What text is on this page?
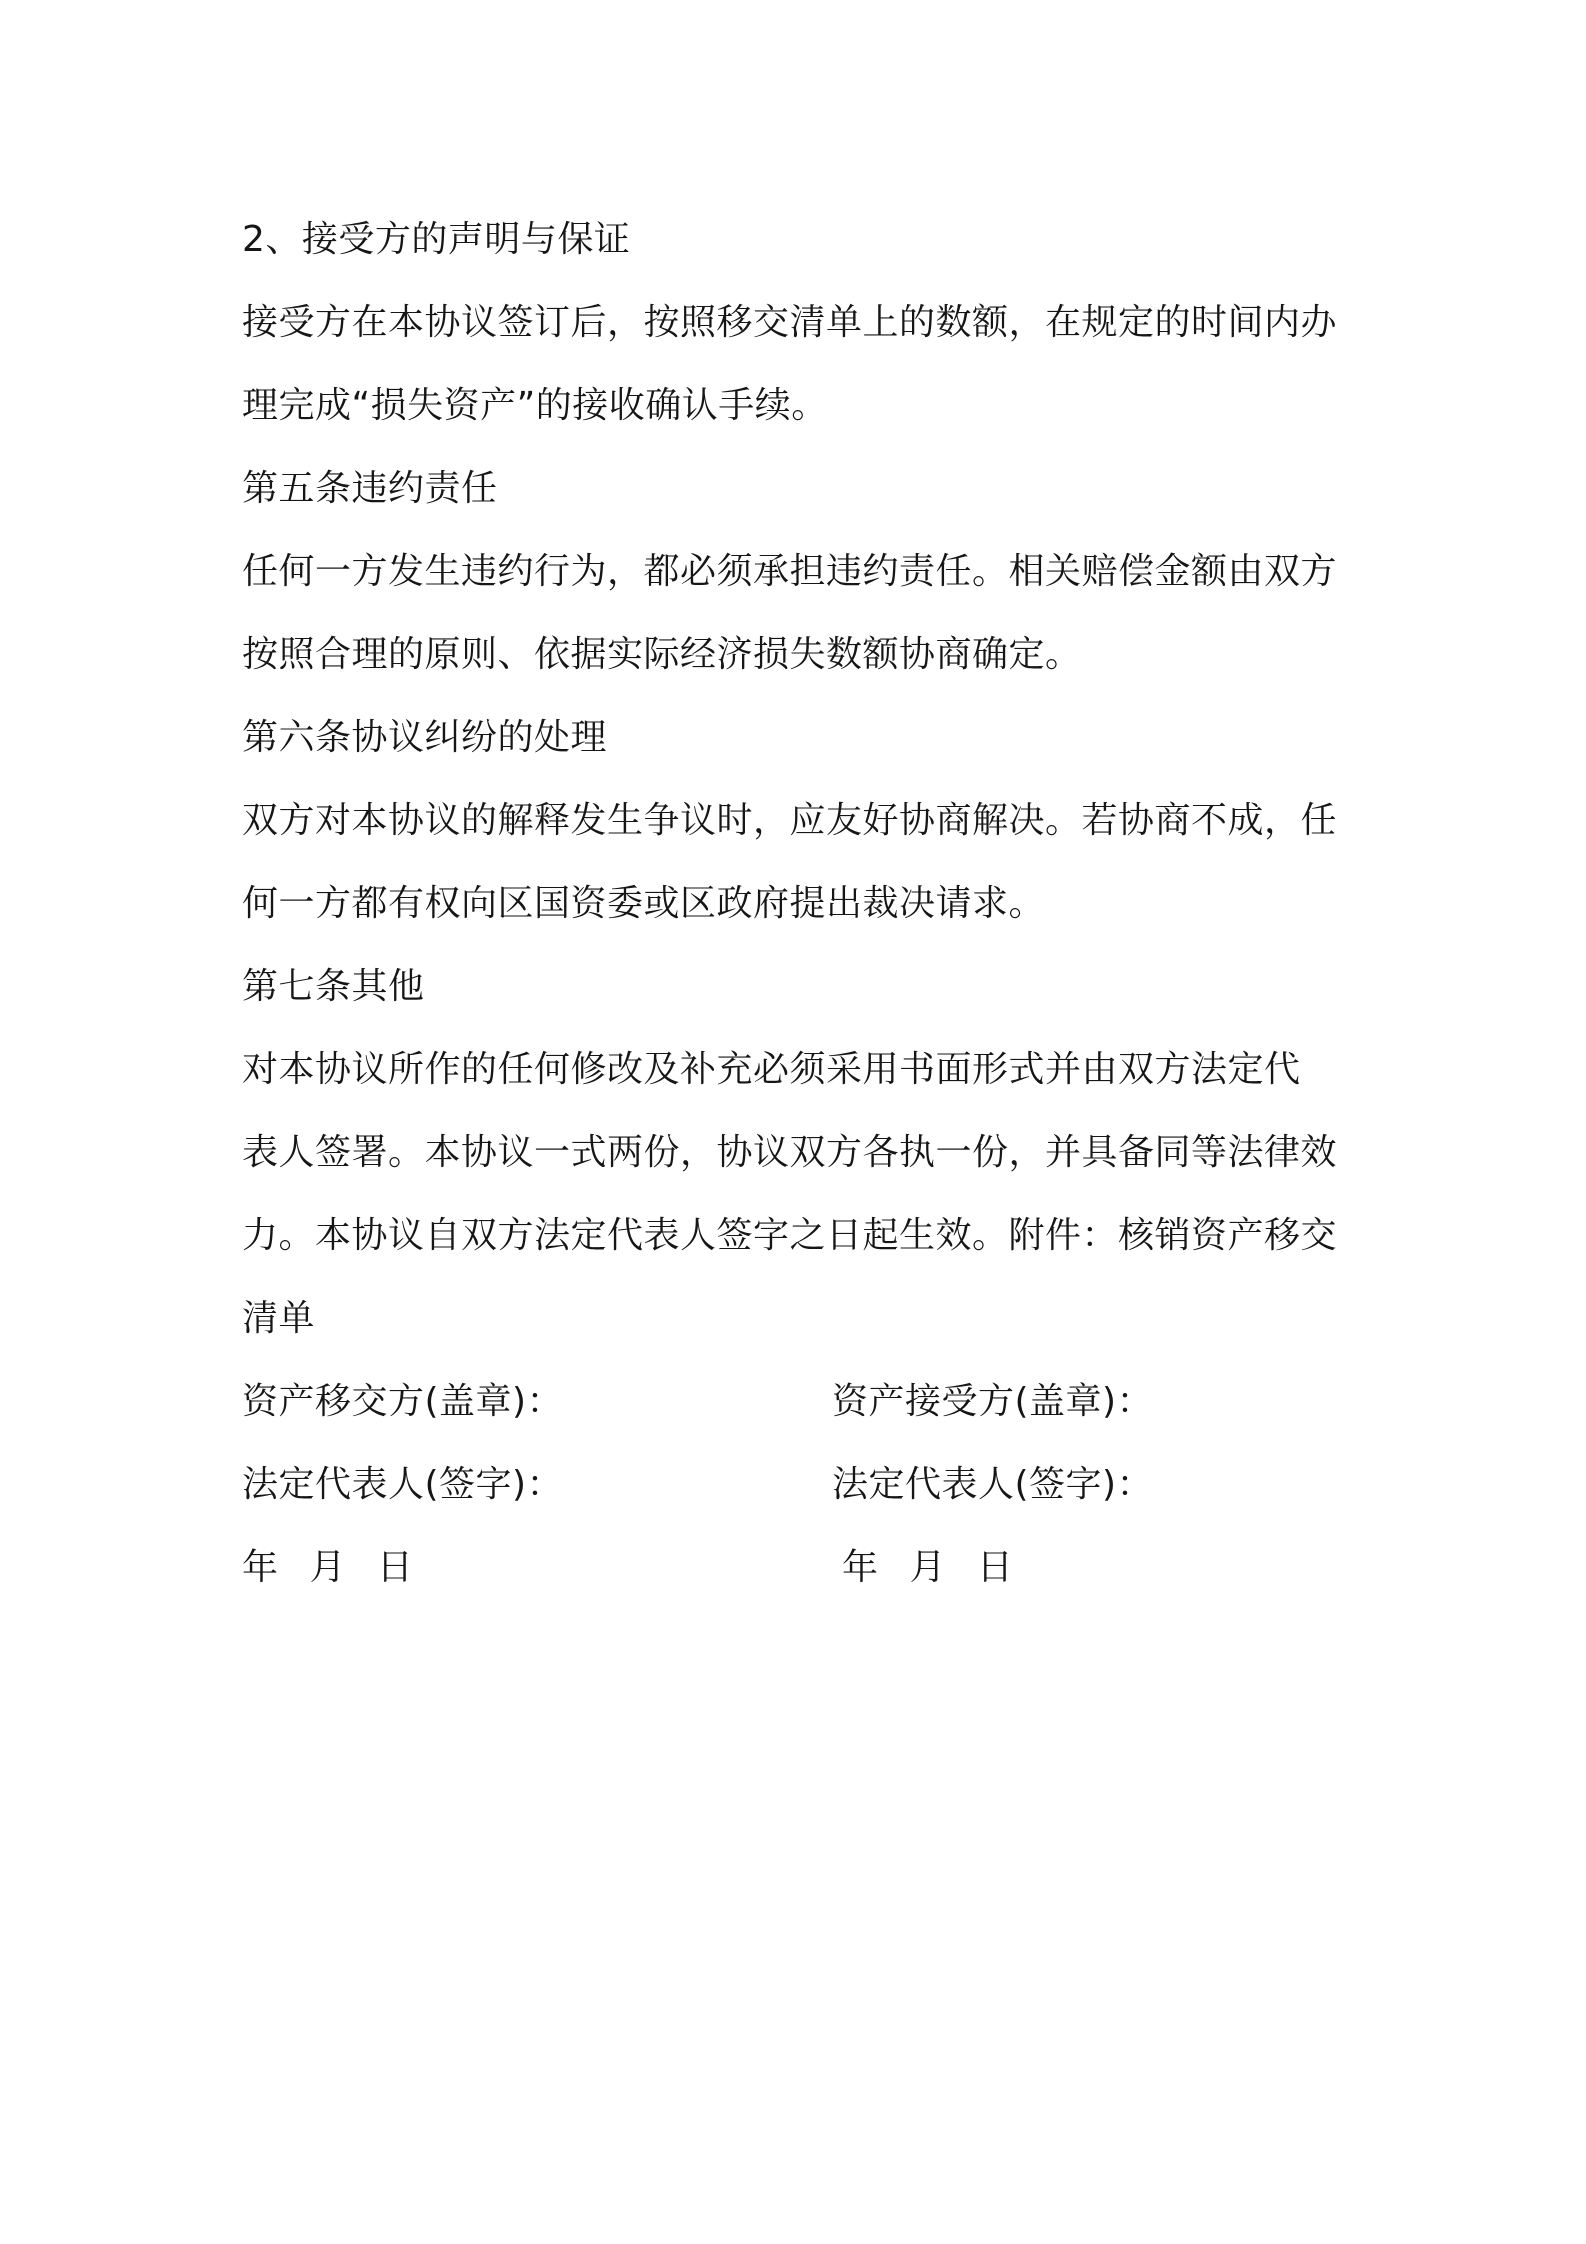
2、接受方的声明与保证
接受方在本协议签订后，按照移交清单上的数额，在规定的时间内办
理完成“损失资产”的接收确认手续。
第五条违约责任
任何一方发生违约行为，都必须承担违约责任。相关赔偿金额由双方
按照合理的原则、依据实际经济损失数额协商确定。
第六条协议纠纷的处理
双方对本协议的解释发生争议时，应友好协商解决。若协商不成，任
何一方都有权向区国资委或区政府提出裁决请求。
第七条其他
对本协议所作的任何修改及补充必须采用书面形式并由双方法定代
表人签署。本协议一式两份，协议双方各执一份，并具备同等法律效
力。本协议自双方法定代表人签字之日起生效。附件：核销资产移交
清单
资产移交方(盖章)：	资产接受方(盖章)：
法定代表人(签字)：	法定代表人(签字)：
年 月 日	年 月 日
